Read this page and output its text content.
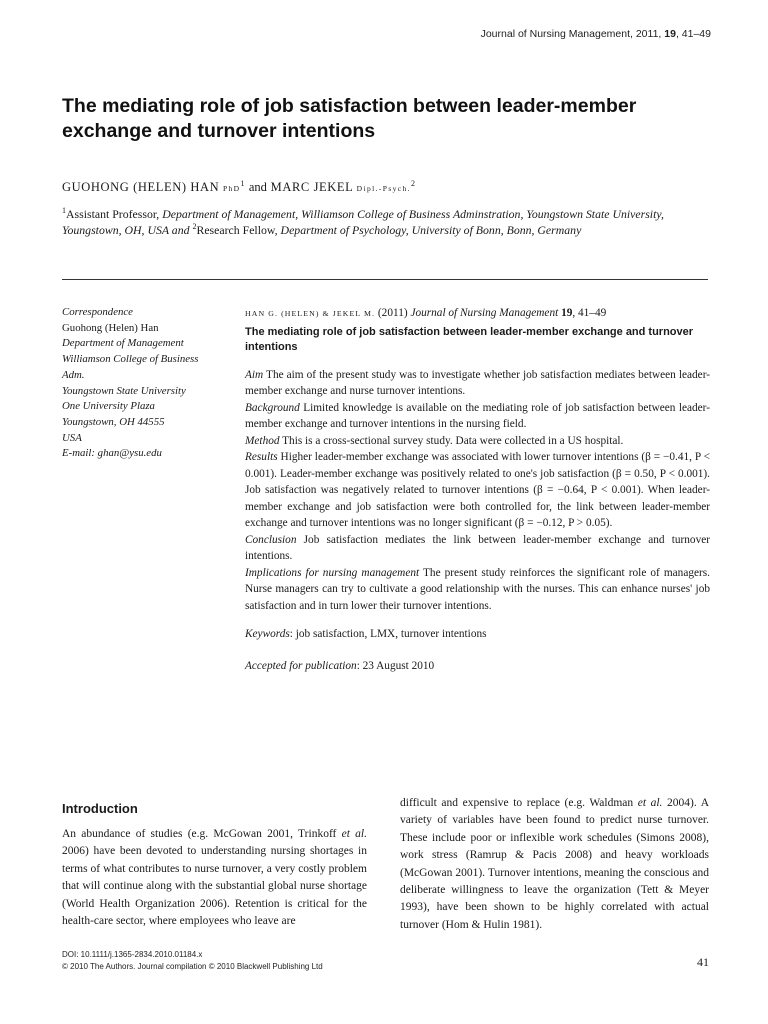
Journal of Nursing Management, 2011, 19, 41–49
The mediating role of job satisfaction between leader-member exchange and turnover intentions
GUOHONG (HELEN) HAN PhD$^1$ and MARC JEKEL Dipl.-Psych.$^2$
$^1$Assistant Professor, Department of Management, Williamson College of Business Adminstration, Youngstown State University, Youngstown, OH, USA and $^2$Research Fellow, Department of Psychology, University of Bonn, Bonn, Germany
Correspondence
Guohong (Helen) Han
Department of Management
Williamson College of Business
Adm.
Youngstown State University
One University Plaza
Youngstown, OH 44555
USA
E-mail: ghan@ysu.edu
HAN G. (HELEN) & JEKEL M. (2011) Journal of Nursing Management 19, 41–49
The mediating role of job satisfaction between leader-member exchange and turnover intentions

Aim The aim of the present study was to investigate whether job satisfaction mediates between leader-member exchange and nurse turnover intentions.

Background Limited knowledge is available on the mediating role of job satisfaction between leader-member exchange and turnover intentions in the nursing field.

Method This is a cross-sectional survey study. Data were collected in a US hospital.

Results Higher leader-member exchange was associated with lower turnover intentions (β = −0.41, P < 0.001). Leader-member exchange was positively related to one's job satisfaction (β = 0.50, P < 0.001). Job satisfaction was negatively related to turnover intentions (β = −0.64, P < 0.001). When leader-member exchange and job satisfaction were both controlled for, the link between leader-member exchange and turnover intentions was no longer significant (β = −0.12, P > 0.05).

Conclusion Job satisfaction mediates the link between leader-member exchange and turnover intentions.

Implications for nursing management The present study reinforces the significant role of managers. Nurse managers can try to cultivate a good relationship with the nurses. This can enhance nurses' job satisfaction and in turn lower their turnover intentions.

Keywords: job satisfaction, LMX, turnover intentions
Accepted for publication: 23 August 2010
Introduction

An abundance of studies (e.g. McGowan 2001, Trinkoff et al. 2006) have been devoted to understanding nursing shortages in terms of what contributes to nurse turnover, a very costly problem that will continue along with the substantial global nurse shortage (World Health Organization 2006). Retention is critical for the health-care sector, where employees who leave are

difficult and expensive to replace (e.g. Waldman et al. 2004). A variety of variables have been found to predict nurse turnover. These include poor or inflexible work schedules (Simons 2008), work stress (Ramrup & Pacis 2008) and heavy workloads (McGowan 2001). Turnover intentions, meaning the conscious and deliberate willingness to leave the organization (Tett & Meyer 1993), have been shown to be highly correlated with actual turnover (Hom & Hulin 1981).

DOI: 10.1111/j.1365-2834.2010.01184.x
© 2010 The Authors. Journal compilation © 2010 Blackwell Publishing Ltd	41
